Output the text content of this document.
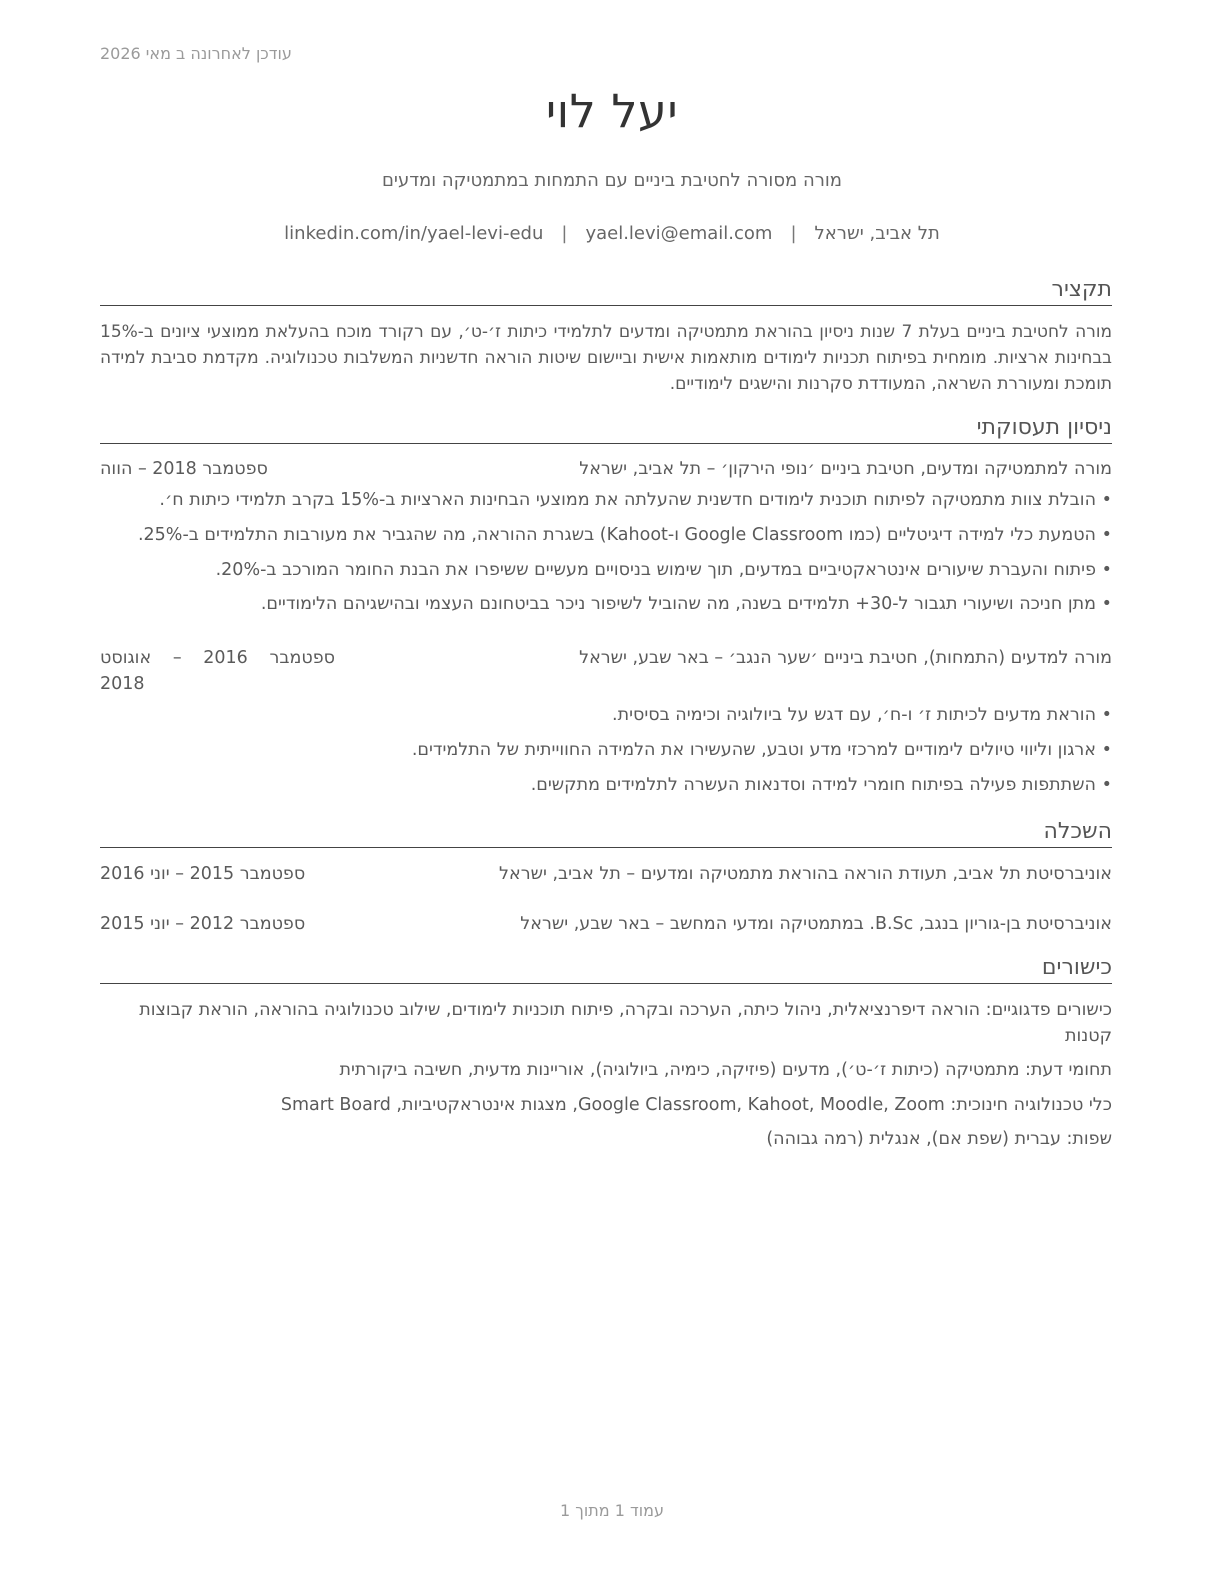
עודכן לאחרונה ב מאי 2026
יעל לוי
מורה מסורה לחטיבת ביניים עם התמחות במתמטיקה ומדעים
תל אביב, ישראל
|
yael.levi@email.com
|
linkedin.com/in/yael-levi-edu
תקציר
מורה לחטיבת ביניים בעלת 7 שנות ניסיון בהוראת מתמטיקה ומדעים לתלמידי כיתות ז׳-ט׳, עם רקורד מוכח בהעלאת ממוצעי ציונים ב-15% בבחינות ארציות. מומחית בפיתוח תכניות לימודים מותאמות אישית וביישום שיטות הוראה חדשניות המשלבות טכנולוגיה. מקדמת סביבת למידה תומכת ומעוררת השראה, המעודדת סקרנות והישגים לימודיים.
ניסיון תעסוקתי
מורה למתמטיקה ומדעים, חטיבת ביניים ׳נופי הירקון׳ – תל אביב, ישראל
ספטמבר 2018 – הווה
•
הובלת צוות מתמטיקה לפיתוח תוכנית לימודים חדשנית שהעלתה את ממוצעי הבחינות הארציות ב-15% בקרב תלמידי כיתות ח׳.
•
הטמעת כלי למידה דיגיטליים (כמו Google Classroom ו-Kahoot) בשגרת ההוראה, מה שהגביר את מעורבות התלמידים ב-25%.
•
פיתוח והעברת שיעורים אינטראקטיביים במדעים, תוך שימוש בניסויים מעשיים ששיפרו את הבנת החומר המורכב ב-20%.
•
מתן חניכה ושיעורי תגבור ל-30+ תלמידים בשנה, מה שהוביל לשיפור ניכר בביטחונם העצמי ובהישגיהם הלימודיים.
מורה למדעים (התמחות), חטיבת ביניים ׳שער הנגב׳ – באר שבע, ישראל
ספטמבר 2016 – אוגוסט 2018
•
הוראת מדעים לכיתות ז׳ ו-ח׳, עם דגש על ביולוגיה וכימיה בסיסית.
•
ארגון וליווי טיולים לימודיים למרכזי מדע וטבע, שהעשירו את הלמידה החווייתית של התלמידים.
•
השתתפות פעילה בפיתוח חומרי למידה וסדנאות העשרה לתלמידים מתקשים.
השכלה
אוניברסיטת תל אביב, תעודת הוראה בהוראת מתמטיקה ומדעים – תל אביב, ישראל
ספטמבר 2015 – יוני 2016
אוניברסיטת בן-גוריון בנגב, B.Sc. במתמטיקה ומדעי המחשב – באר שבע, ישראל
ספטמבר 2012 – יוני 2015
כישורים
כישורים פדגוגיים: הוראה דיפרנציאלית, ניהול כיתה, הערכה ובקרה, פיתוח תוכניות לימודים, שילוב טכנולוגיה בהוראה, הוראת קבוצות קטנות
תחומי דעת: מתמטיקה (כיתות ז׳-ט׳), מדעים (פיזיקה, כימיה, ביולוגיה), אוריינות מדעית, חשיבה ביקורתית
כלי טכנולוגיה חינוכית: Google Classroom, Kahoot, Moodle, Zoom, מצגות אינטראקטיביות, Smart Board
שפות: עברית (שפת אם), אנגלית (רמה גבוהה)
עמוד 1 מתוך 1
